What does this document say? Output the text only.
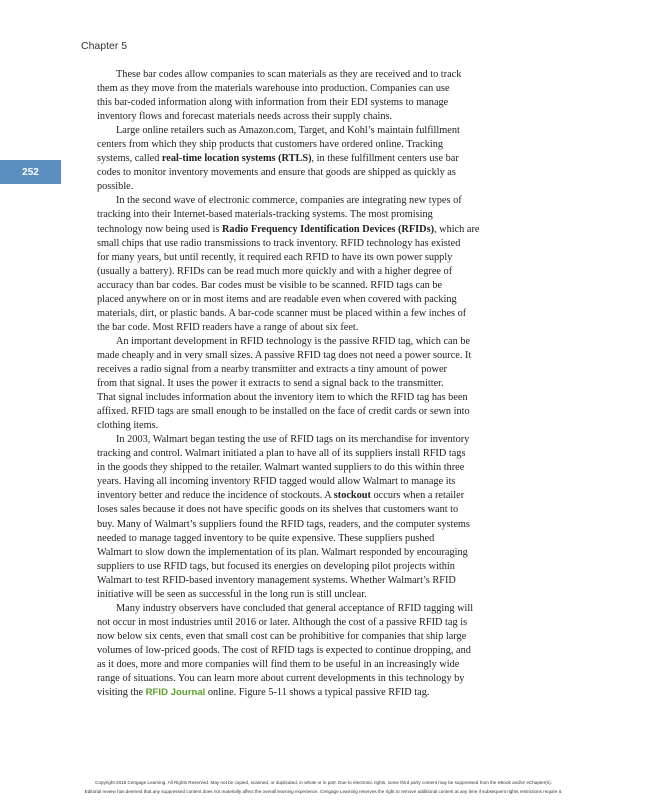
Chapter 5
252
These bar codes allow companies to scan materials as they are received and to track
them as they move from the materials warehouse into production. Companies can use
this bar-coded information along with information from their EDI systems to manage
inventory flows and forecast materials needs across their supply chains.
Large online retailers such as Amazon.com, Target, and Kohl’s maintain fulfillment
centers from which they ship products that customers have ordered online. Tracking
systems, called real-time location systems (RTLS), in these fulfillment centers use bar
codes to monitor inventory movements and ensure that goods are shipped as quickly as
possible.
In the second wave of electronic commerce, companies are integrating new types of
tracking into their Internet-based materials-tracking systems. The most promising
technology now being used is Radio Frequency Identification Devices (RFIDs), which are
small chips that use radio transmissions to track inventory. RFID technology has existed
for many years, but until recently, it required each RFID to have its own power supply
(usually a battery). RFIDs can be read much more quickly and with a higher degree of
accuracy than bar codes. Bar codes must be visible to be scanned. RFID tags can be
placed anywhere on or in most items and are readable even when covered with packing
materials, dirt, or plastic bands. A bar-code scanner must be placed within a few inches of
the bar code. Most RFID readers have a range of about six feet.
An important development in RFID technology is the passive RFID tag, which can be
made cheaply and in very small sizes. A passive RFID tag does not need a power source. It
receives a radio signal from a nearby transmitter and extracts a tiny amount of power
from that signal. It uses the power it extracts to send a signal back to the transmitter.
That signal includes information about the inventory item to which the RFID tag has been
affixed. RFID tags are small enough to be installed on the face of credit cards or sewn into
clothing items.
In 2003, Walmart began testing the use of RFID tags on its merchandise for inventory
tracking and control. Walmart initiated a plan to have all of its suppliers install RFID tags
in the goods they shipped to the retailer. Walmart wanted suppliers to do this within three
years. Having all incoming inventory RFID tagged would allow Walmart to manage its
inventory better and reduce the incidence of stockouts. A stockout occurs when a retailer
loses sales because it does not have specific goods on its shelves that customers want to
buy. Many of Walmart’s suppliers found the RFID tags, readers, and the computer systems
needed to manage tagged inventory to be quite expensive. These suppliers pushed
Walmart to slow down the implementation of its plan. Walmart responded by encouraging
suppliers to use RFID tags, but focused its energies on developing pilot projects within
Walmart to test RFID-based inventory management systems. Whether Walmart’s RFID
initiative will be seen as successful in the long run is still unclear.
Many industry observers have concluded that general acceptance of RFID tagging will
not occur in most industries until 2016 or later. Although the cost of a passive RFID tag is
now below six cents, even that small cost can be prohibitive for companies that ship large
volumes of low-priced goods. The cost of RFID tags is expected to continue dropping, and
as it does, more and more companies will find them to be useful in an increasingly wide
range of situations. You can learn more about current developments in this technology by
visiting the RFID Journal online. Figure 5-11 shows a typical passive RFID tag.
Copyright 2015 Cengage Learning. All Rights Reserved. May not be copied, scanned, or duplicated, in whole or in part. Due to electronic rights, some third party content may be suppressed from the eBook and/or eChapter(s).
Editorial review has deemed that any suppressed content does not materially affect the overall learning experience. Cengage Learning reserves the right to remove additional content at any time if subsequent rights restrictions require it.
